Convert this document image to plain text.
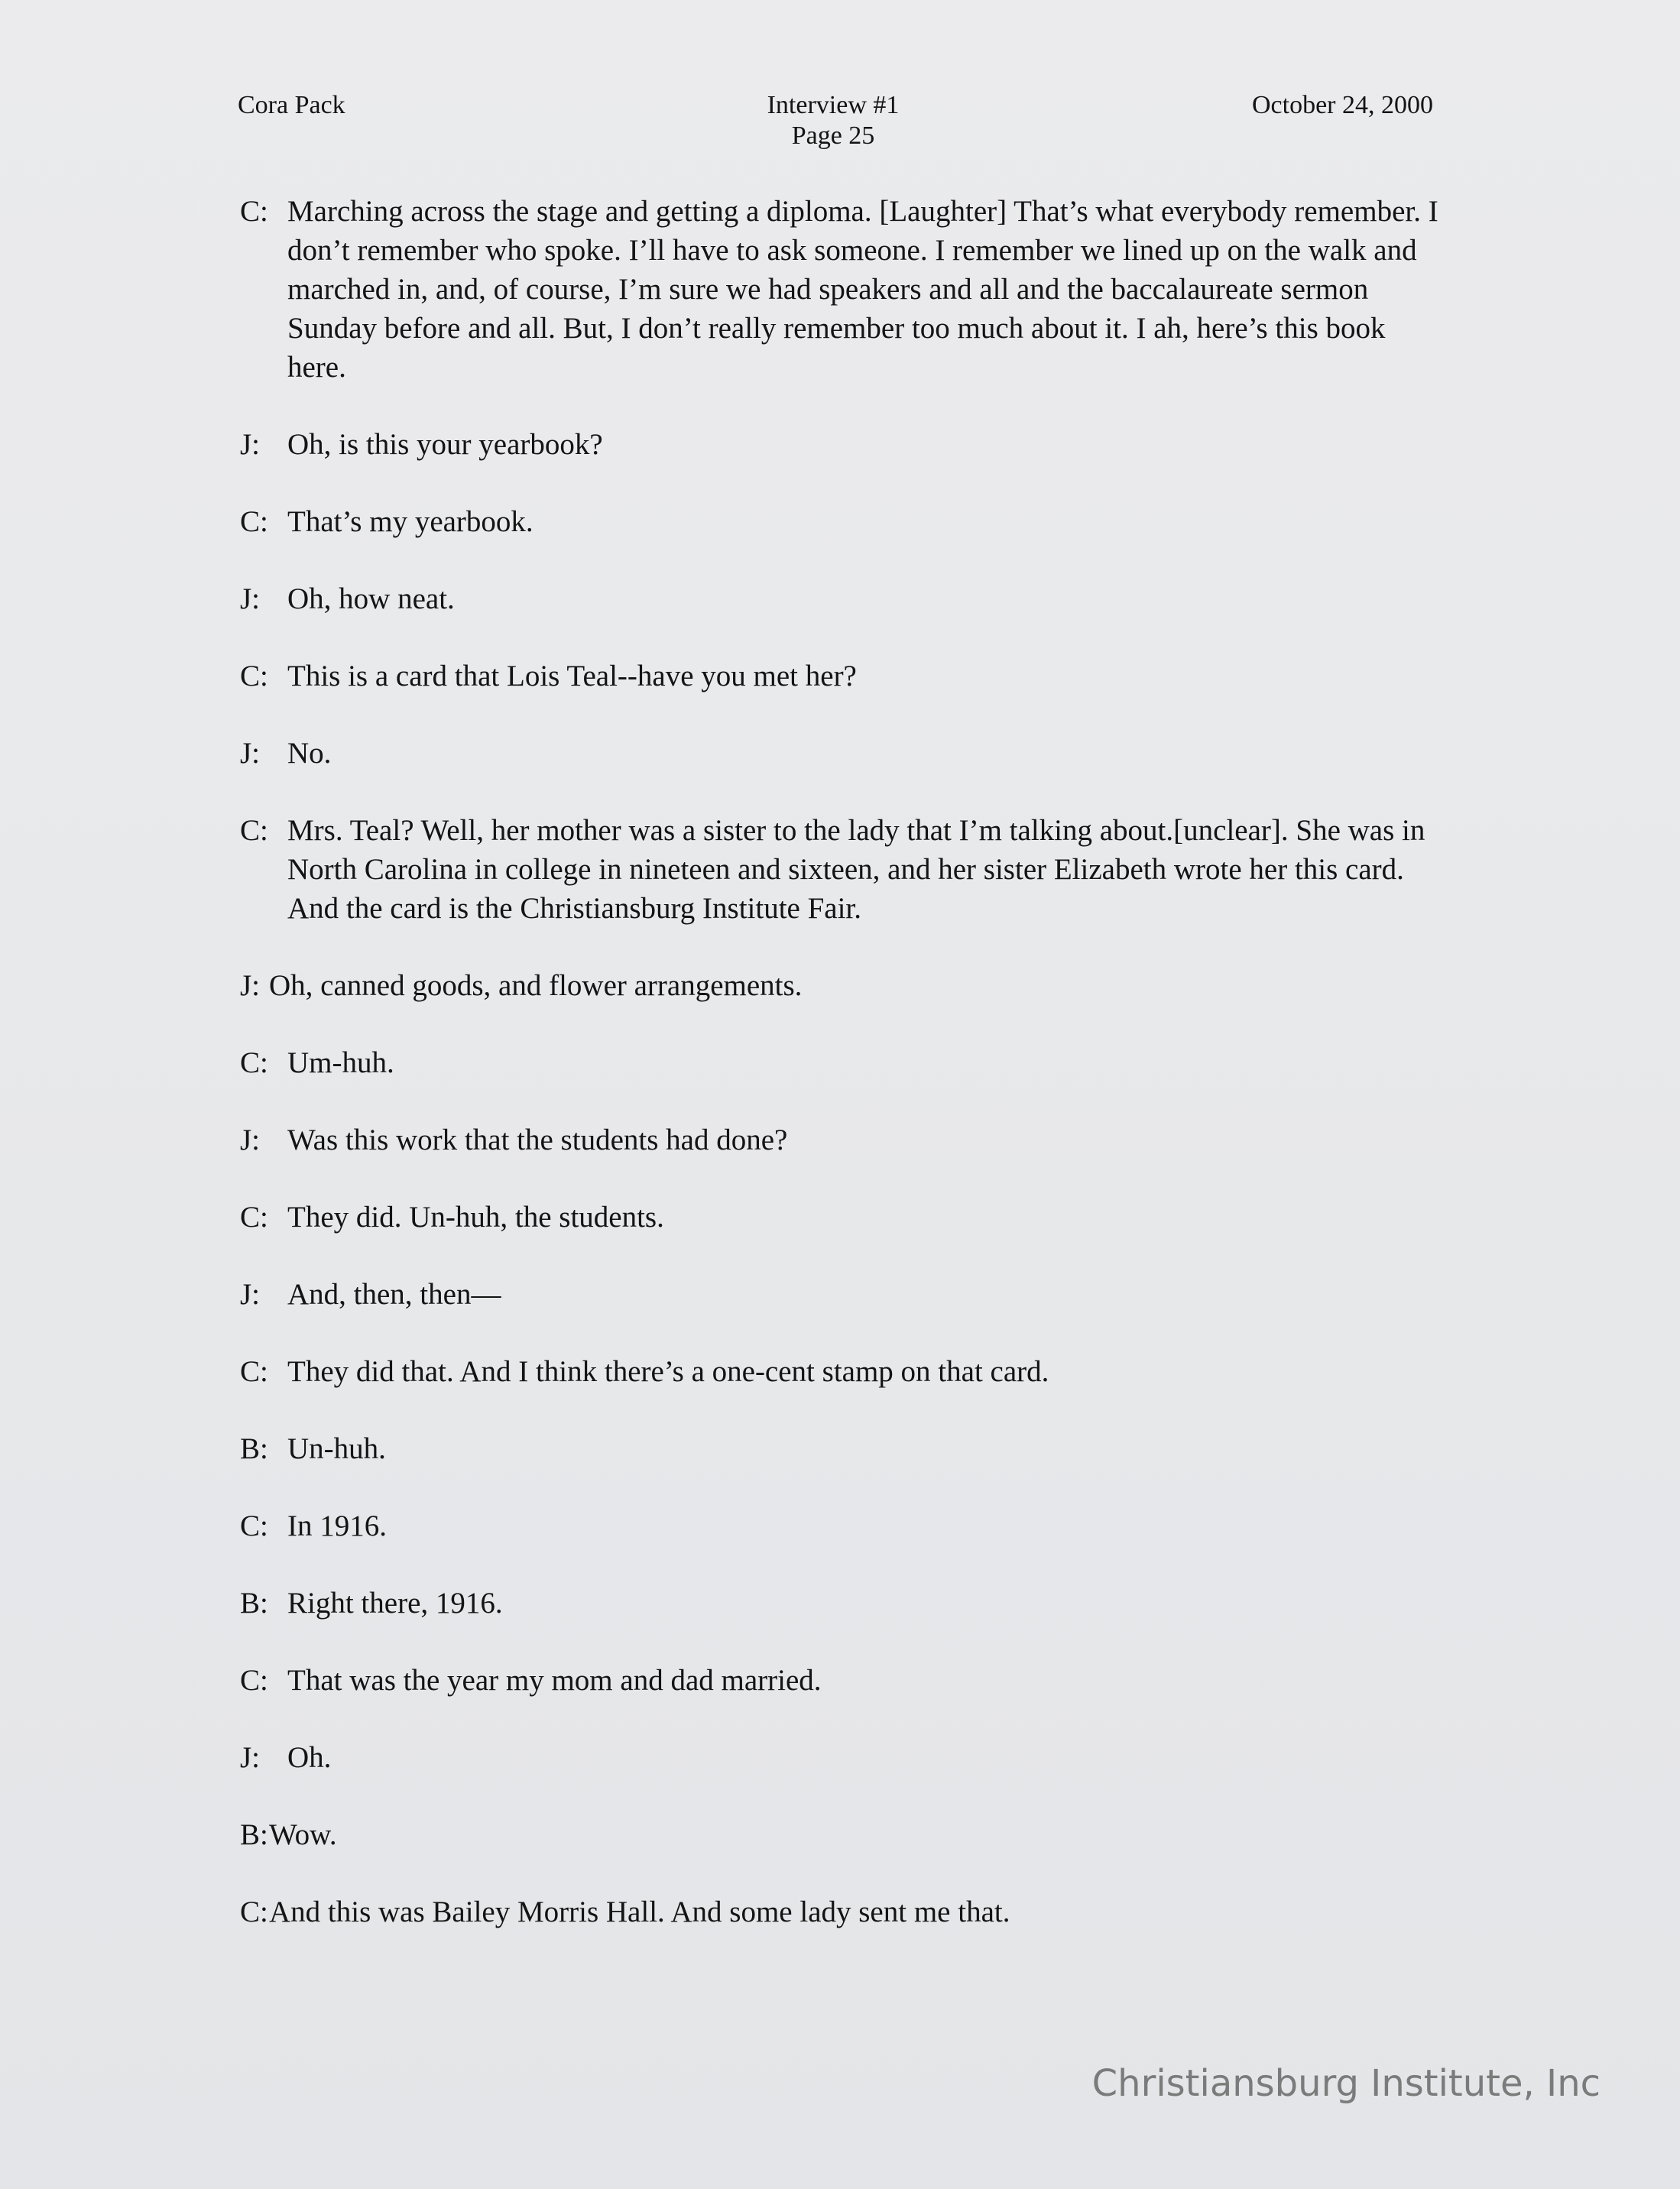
Cora Pack	Interview #1
Page 25
October 24, 2000
C: Marching across the stage and getting a diploma. [Laughter] That’s what everybody remember. I don’t remember who spoke. I’ll have to ask someone. I remember we lined up on the walk and marched in, and, of course, I’m sure we had speakers and all and the baccalaureate sermon Sunday before and all. But, I don’t really remember too much about it. I ah, here’s this book here.
J: Oh, is this your yearbook?
C: That’s my yearbook.
J: Oh, how neat.
C: This is a card that Lois Teal--have you met her?
J: No.
C: Mrs. Teal? Well, her mother was a sister to the lady that I’m talking about.[unclear]. She was in North Carolina in college in nineteen and sixteen, and her sister Elizabeth wrote her this card. And the card is the Christiansburg Institute Fair.
J: Oh, canned goods, and flower arrangements.
C: Um-huh.
J: Was this work that the students had done?
C: They did. Un-huh, the students.
J: And, then, then—
C: They did that. And I think there’s a one-cent stamp on that card.
B: Un-huh.
C: In 1916.
B: Right there, 1916.
C: That was the year my mom and dad married.
J: Oh.
B: Wow.
C: And this was Bailey Morris Hall. And some lady sent me that.
Christiansburg Institute, Inc
